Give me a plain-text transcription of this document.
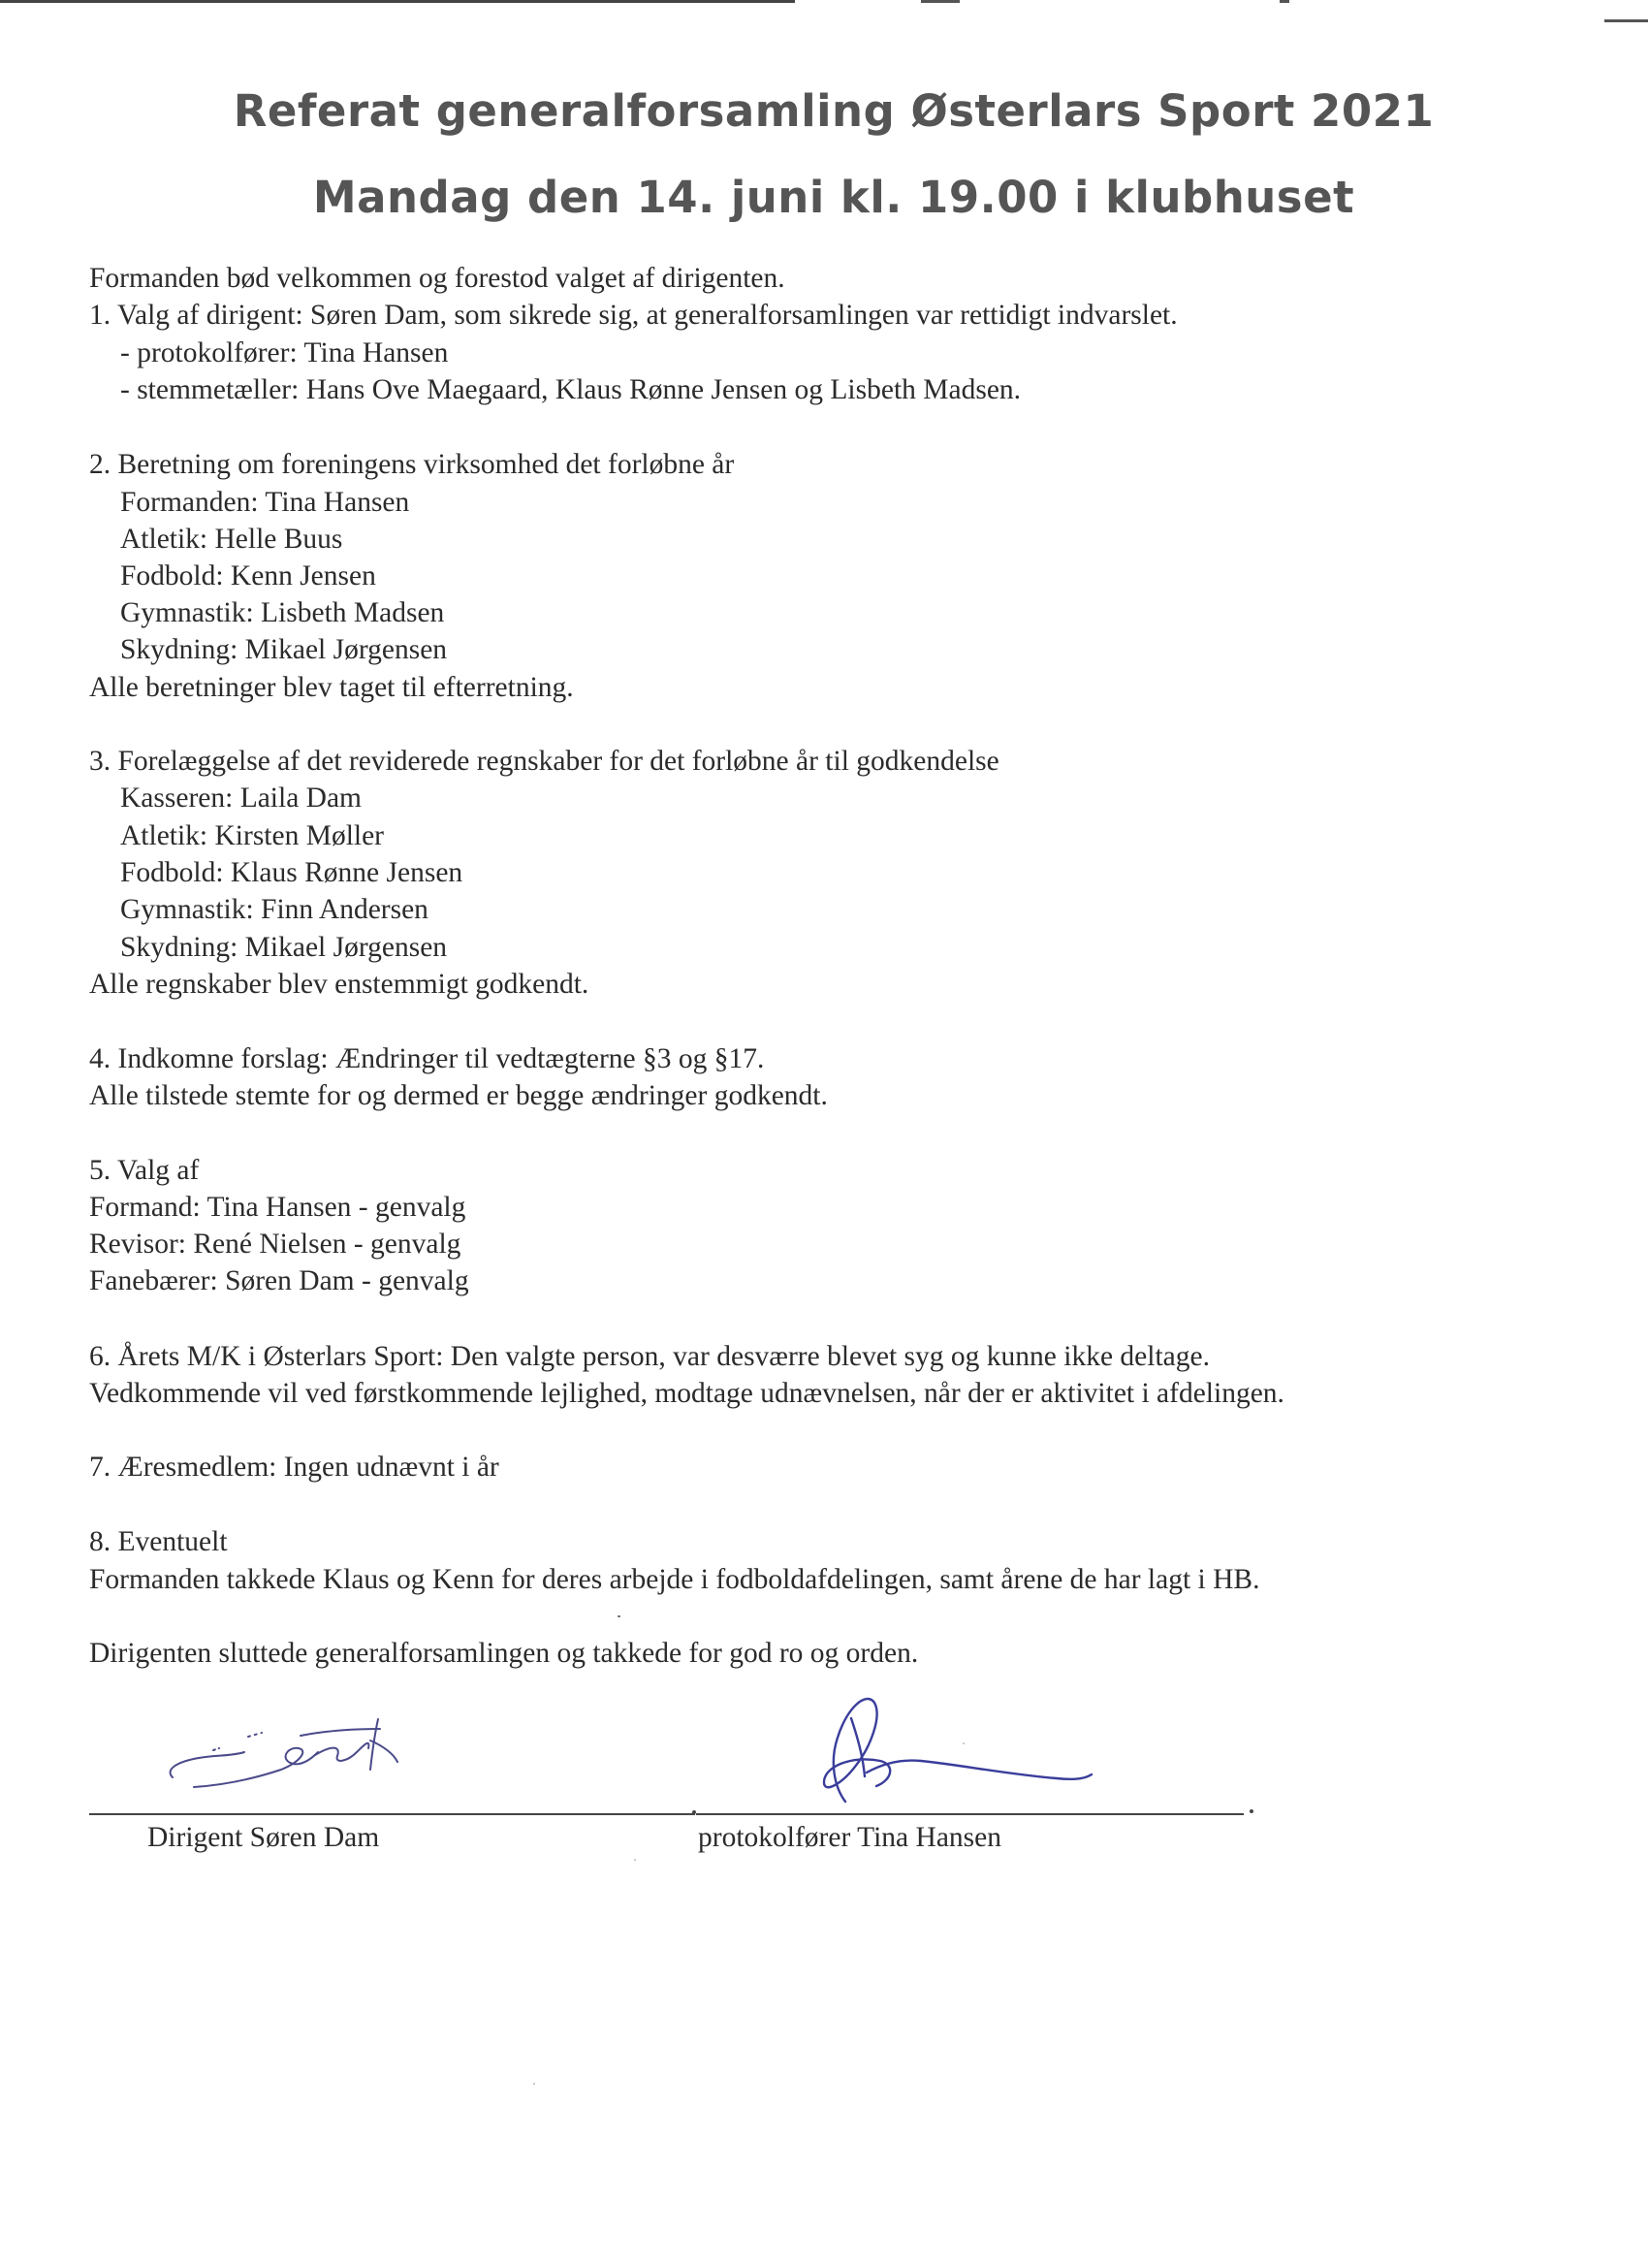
Referat generalforsamling Østerlars Sport 2021
Mandag den 14. juni kl. 19.00 i klubhuset
Formanden bød velkommen og forestod valget af dirigenten.
1. Valg af dirigent: Søren Dam, som sikrede sig, at generalforsamlingen var rettidigt indvarslet.
- protokolfører: Tina Hansen
- stemmetæller: Hans Ove Maegaard, Klaus Rønne Jensen og Lisbeth Madsen.
2. Beretning om foreningens virksomhed det forløbne år
Formanden: Tina Hansen
Atletik: Helle Buus
Fodbold: Kenn Jensen
Gymnastik: Lisbeth Madsen
Skydning: Mikael Jørgensen
Alle beretninger blev taget til efterretning.
3. Forelæggelse af det reviderede regnskaber for det forløbne år til godkendelse
Kasseren: Laila Dam
Atletik: Kirsten Møller
Fodbold: Klaus Rønne Jensen
Gymnastik: Finn Andersen
Skydning: Mikael Jørgensen
Alle regnskaber blev enstemmigt godkendt.
4. Indkomne forslag: Ændringer til vedtægterne §3 og §17.
Alle tilstede stemte for og dermed er begge ændringer godkendt.
5. Valg af
Formand: Tina Hansen - genvalg
Revisor: René Nielsen - genvalg
Fanebærer: Søren Dam - genvalg
6. Årets M/K i Østerlars Sport: Den valgte person, var desværre blevet syg og kunne ikke deltage.
Vedkommende vil ved førstkommende lejlighed, modtage udnævnelsen, når der er aktivitet i afdelingen.
7. Æresmedlem: Ingen udnævnt i år
8. Eventuelt
Formanden takkede Klaus og Kenn for deres arbejde i fodboldafdelingen, samt årene de har lagt i HB.
Dirigenten sluttede generalforsamlingen og takkede for god ro og orden.
Dirigent Søren Dam	protokolfører Tina Hansen
